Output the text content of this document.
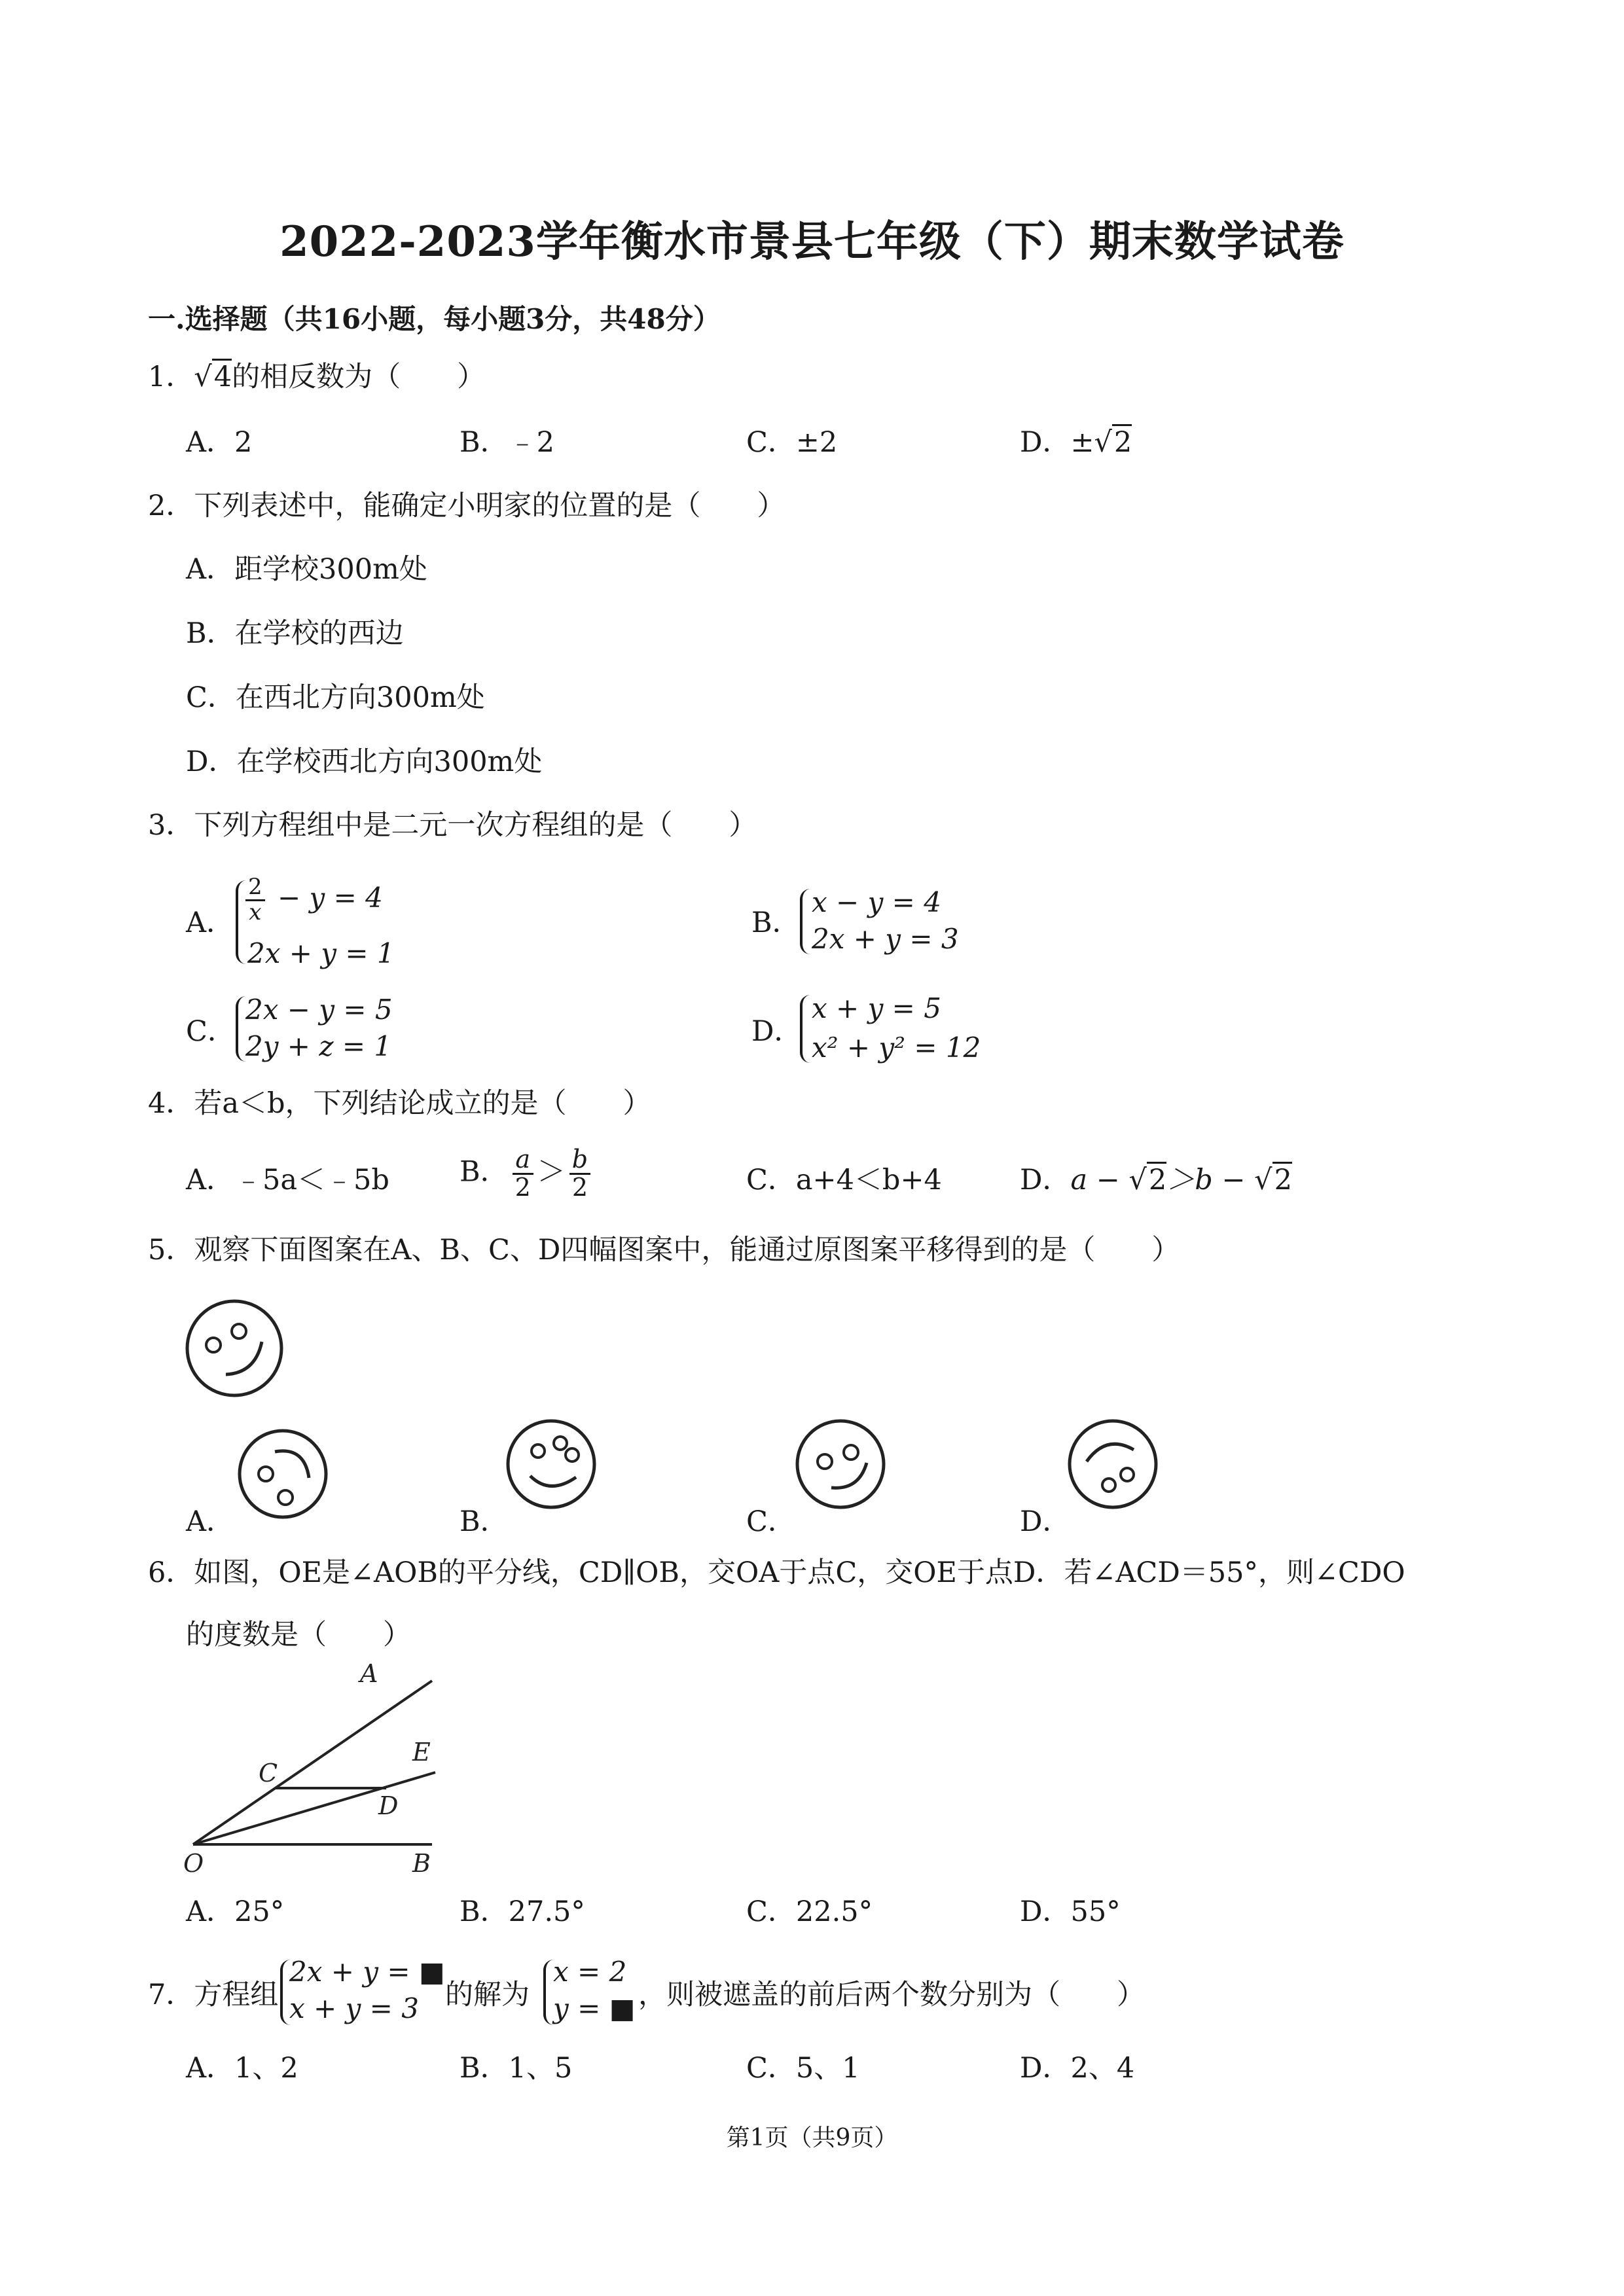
2022-2023学年衡水市景县七年级（下）期末数学试卷
一.选择题（共16小题，每小题3分，共48分）
1．√4的相反数为（　　）
A．2	B．﹣2	C．±2	D．±√2
2．下列表述中，能确定小明家的位置的是（　　）
A．距学校300m处
B．在学校的西边
C．在西北方向300m处
D．在学校西北方向300m处
3．下列方程组中是二元一次方程组的是（　　）
A． $\frac{2}{x} - y = 4$
2x + y = 1
B．
x − y = 4
2x + y = 3
C．
2x − y = 5
2y + z = 1	D．
x + y = 5
x² + y² = 12
4．若a＜b，下列结论成立的是（　　）
A．﹣5a＜﹣5b B． $\frac{a}{2} > \frac{b}{2}$	C．a+4＜b+4	D．a − √2＞b − √2
5．观察下面图案在A、B、C、D四幅图案中，能通过原图案平移得到的是（　　）
A．	B．	C．	D．
6．如图，OE是∠AOB的平分线，CD∥OB，交OA于点C，交OE于点D．若∠ACD＝55°，则∠CDO
的度数是（　　）
A
E
C
D
O	B
A．25°	B．27.5°	C．22.5°	D．55°
7．方程组
2x + y = ■
x + y = 3 的解为
x = 2
y = ■ ，则被遮盖的前后两个数分别为（　　）
A．1、2	B．1、5	C．5、1	D．2、4
第1页（共9页）
